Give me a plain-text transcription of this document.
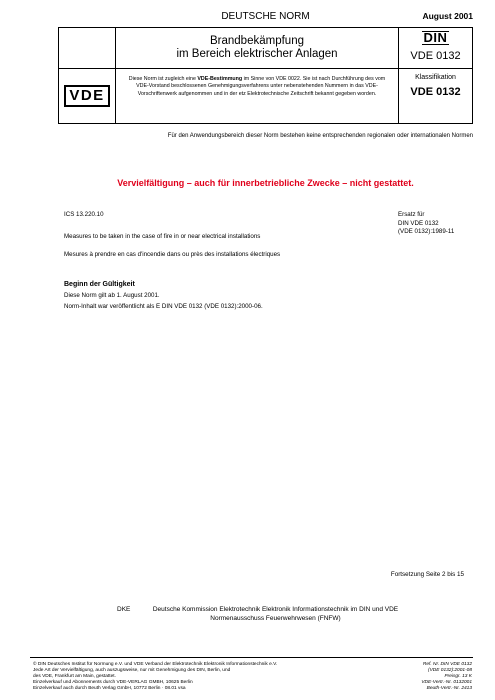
DEUTSCHE NORM	August 2001
Brandbekämpfung
im Bereich elektrischer Anlagen
DIN
VDE 0132
VDE
Diese Norm ist zugleich eine VDE-Bestimmung im Sinne von VDE 0022. Sie ist nach Durchführung des vom VDE-Vorstand beschlossenen Genehmigungsverfahrens unter nebenstehenden Nummern in das VDE-Vorschriftenwerk aufgenommen und in der etz Elektrotechnische Zeitschrift bekannt gegeben worden.
Klassifikation
VDE 0132
Für den Anwendungsbereich dieser Norm bestehen keine entsprechenden regionalen oder internationalen Normen
Vervielfältigung – auch für innerbetriebliche Zwecke – nicht gestattet.
ICS 13.220.10
Measures to be taken in the case of fire in or near electrical installations
Mesures à prendre en cas d'incendie dans ou près des installations électriques
Ersatz für
DIN VDE 0132
(VDE 0132):1989-11
Beginn der Gültigkeit
Diese Norm gilt ab 1. August 2001.
Norm-Inhalt war veröffentlicht als E DIN VDE 0132 (VDE 0132):2000-06.
Fortsetzung Seite 2 bis 15
DKE	Deutsche Kommission Elektrotechnik Elektronik Informationstechnik im DIN und VDE
Normenausschuss Feuerwehrwesen (FNFW)
© DIN Deutsches Institut für Normung e.V. und VDE Verband der Elektrotechnik Elektronik Informationstechnik e.V.
Jede Art der Vervielfältigung, auch auszugsweise, nur mit Genehmigung des DIN, Berlin, und
des VDE, Frankfurt am Main, gestattet.
Einzelverkauf und Abonnements durch VDE-VERLAG GMBH, 10625 Berlin
Einzelverkauf auch durch Beuth Verlag GmbH, 10772 Berlin · 08.01 vsa
Ref. Nr. DIN VDE 0132
(VDE 0132):2001-08
Preisgr. 13 K
VDE-Vertr.-Nr. 0132001
Beuth-Vertr.-Nr. 2413
